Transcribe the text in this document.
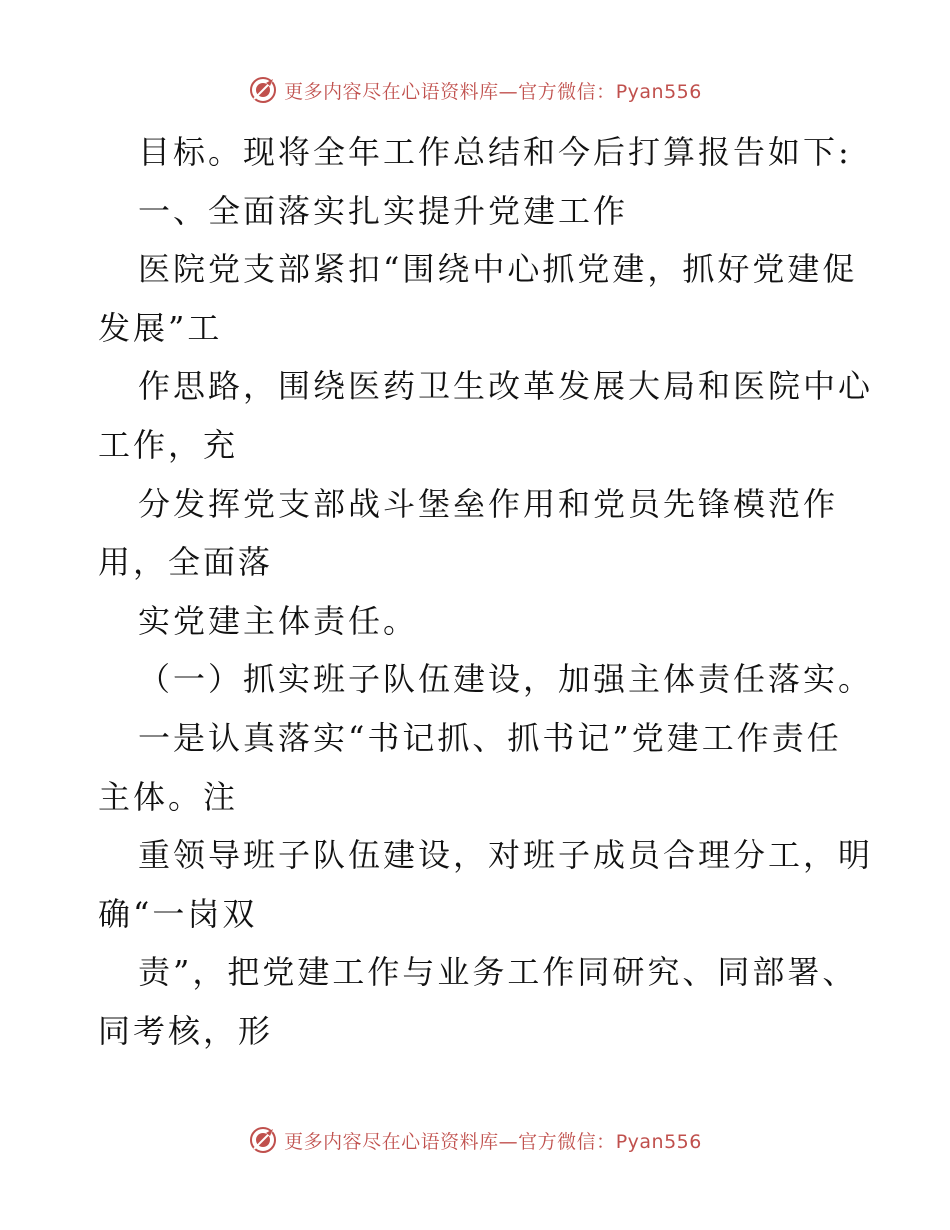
更多内容尽在心语资料库—官方微信：Pyan556
目标。现将全年工作总结和今后打算报告如下:
一、全面落实扎实提升党建工作
医院党支部紧扣“围绕中心抓党建，抓好党建促
发展”工
作思路，围绕医药卫生改革发展大局和医院中心
工作，充
分发挥党支部战斗堡垒作用和党员先锋模范作
用，全面落
实党建主体责任。
（一）抓实班子队伍建设，加强主体责任落实。
一是认真落实“书记抓、抓书记”党建工作责任
主体。注
重领导班子队伍建设，对班子成员合理分工，明
确“一岗双
责”，把党建工作与业务工作同研究、同部署、
同考核，形
更多内容尽在心语资料库—官方微信：Pyan556
